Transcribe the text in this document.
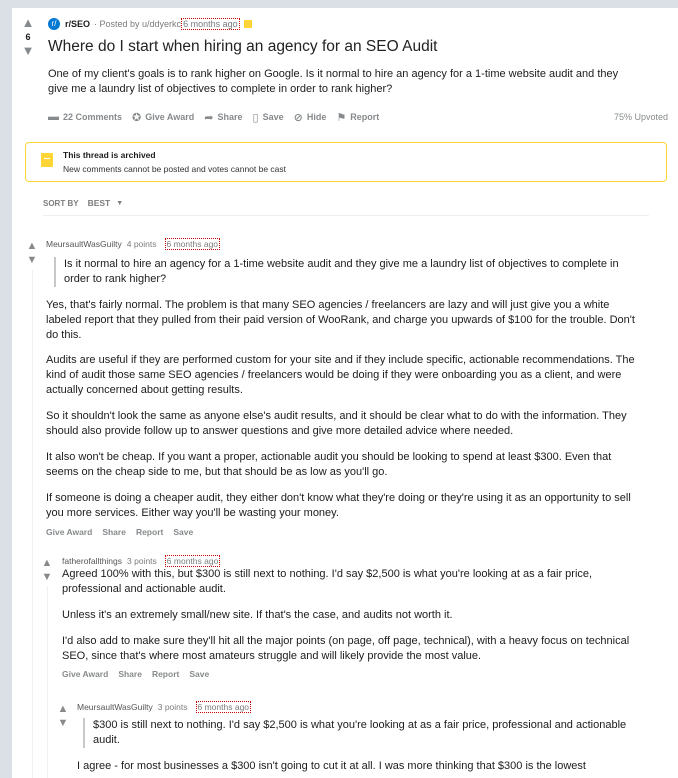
▲
6
▼
r/ r/SEO · Posted by u/ddyerkc 6 months ago
Where do I start when hiring an agency for an SEO Audit

One of my client's goals is to rank higher on Google. Is it normal to hire an agency for a 1-time website audit and they give me a laundry list of objectives to complete in order to rank higher?

▬ 22 Comments ✪ Give Award ➦ Share ▯ Save ⊘ Hide ⚑ Report	75% Upvoted
This thread is archived
New comments cannot be posted and votes cannot be cast
SORT BY BEST ▼
▲
▼
MeursaultWasGuilty 4 points 6 months ago
Is it normal to hire an agency for a 1-time website audit and they give me a laundry list of objectives to complete in order to rank higher?

Yes, that's fairly normal. The problem is that many SEO agencies / freelancers are lazy and will just give you a white labeled report that they pulled from their paid version of WooRank, and charge you upwards of $100 for the trouble. Don't do this.

Audits are useful if they are performed custom for your site and if they include specific, actionable recommendations. The kind of audit those same SEO agencies / freelancers would be doing if they were onboarding you as a client, and were actually concerned about getting results.

So it shouldn't look the same as anyone else's audit results, and it should be clear what to do with the information. They should also provide follow up to answer questions and give more detailed advice where needed.

It also won't be cheap. If you want a proper, actionable audit you should be looking to spend at least $300. Even that seems on the cheap side to me, but that should be as low as you'll go.

If someone is doing a cheaper audit, they either don't know what they're doing or they're using it as an opportunity to sell you more services. Either way you'll be wasting your money.

Give Award Share Report Save
▲
▼
fatherofallthings 3 points 6 months ago

Agreed 100% with this, but $300 is still next to nothing. I'd say $2,500 is what you're looking at as a fair price, professional and actionable audit.

Unless it's an extremely small/new site. If that's the case, and audits not worth it.

I'd also add to make sure they'll hit all the major points (on page, off page, technical), with a heavy focus on technical SEO, since that's where most amateurs struggle and will likely provide the most value.

Give Award Share Report Save
▲
▼
MeursaultWasGuilty 3 points 6 months ago
$300 is still next to nothing. I'd say $2,500 is what you're looking at as a fair price, professional and actionable audit.

I agree - for most businesses a $300 isn't going to cut it at all. I was more thinking that $300 is the lowest
